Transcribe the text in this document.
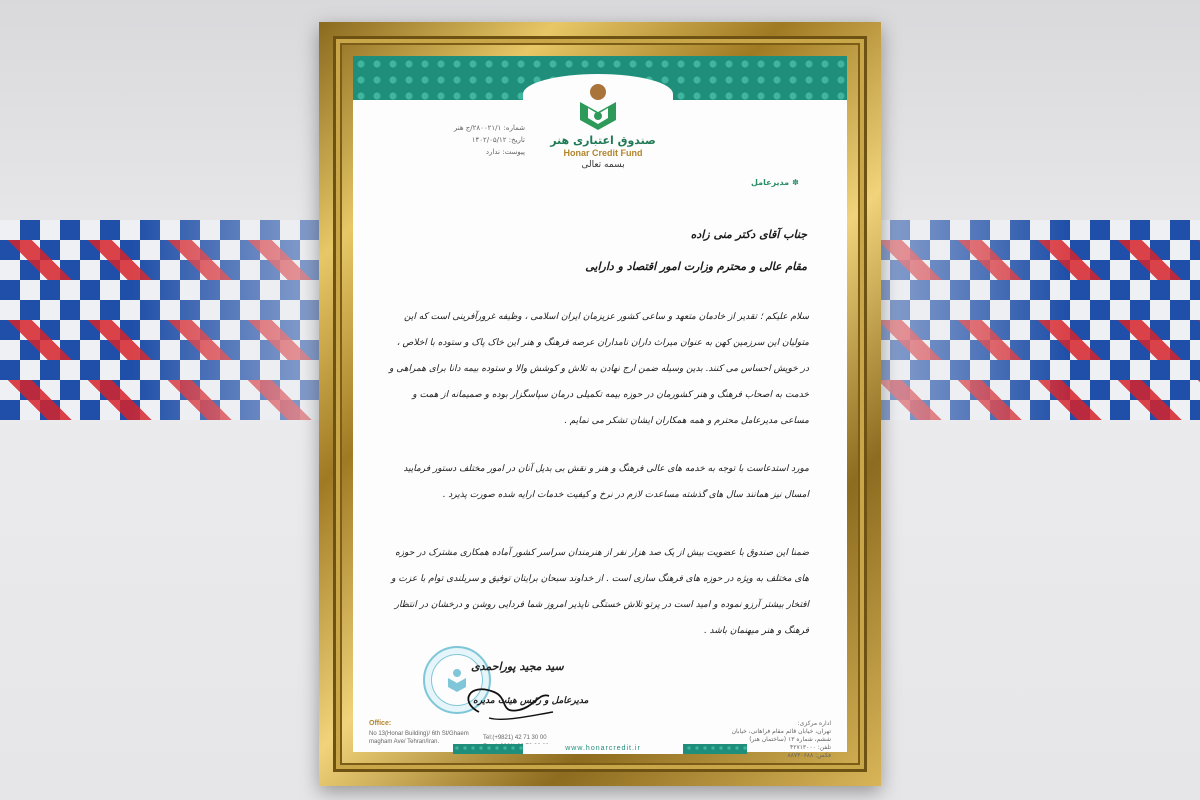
صندوق اعتباری هنر
Honar Credit Fund
بسمه تعالی
شماره: ۲۸۰۰۲۱/۱/ج هنر
تاریخ: ۱۴۰۲/۰۵/۱۲
پیوست: ندارد
مدیرعامل ✽
جناب آقای دکتر منی زاده
مقام عالی و محترم وزارت امور اقتصاد و دارایی
سلام علیکم ؛ تقدیر از خادمان متعهد و ساعی کشور عزیزمان ایران اسلامی ، وظیفه غرورآفرینی است که این متولیان این سرزمین کهن به عنوان میراث داران نامداران عرصه فرهنگ و هنر این خاک پاک و ستوده با اخلاص ، در خویش احساس می کنند. بدین وسیله ضمن ارج نهادن به تلاش و کوشش والا و ستوده بیمه دانا برای همراهی و خدمت به اصحاب فرهنگ و هنر کشورمان در حوزه بیمه تکمیلی درمان سپاسگزار بوده و صمیمانه از همت و مساعی مدیرعامل محترم و همه همکاران ایشان تشکر می نمایم .
مورد استدعاست با توجه به خدمه های عالی فرهنگ و هنر و نقش بی بدیل آنان در امور مختلف دستور فرمایید امسال نیز همانند سال های گذشته مساعدت لازم در نرخ و کیفیت خدمات ارایه شده صورت پذیرد .
ضمنا این صندوق با عضویت بیش از یک صد هزار نفر از هنرمندان سراسر کشور آماده همکاری مشترک در حوزه های مختلف به ویژه در حوزه های فرهنگ سازی است . از خداوند سبحان برایتان توفیق و سربلندی توام با عزت و افتخار بیشتر آرزو نموده و امید است در پرتو تلاش خستگی ناپذیر امروز شما فردایی روشن و درخشان در انتظار فرهنگ و هنر میهنمان باشد .
سید مجید پوراحمدی
مدیرعامل و رئیس هیئت مدیره
Office:
No 13(Honar Building)/ 6th St/Ghaem magham Ave/ Tehran/Iran.
Tel:(+9821) 42 71 30 00
اداره مرکزی:
تهران، خیابان قائم مقام فراهانی، خیابان ششم، شماره ۱۳ (ساختمان هنر)
تلفن: ۴۲۷۱۳۰۰۰
فکس: ۸۸۷۳۰۶۸۸
www.honarcredit.ir
